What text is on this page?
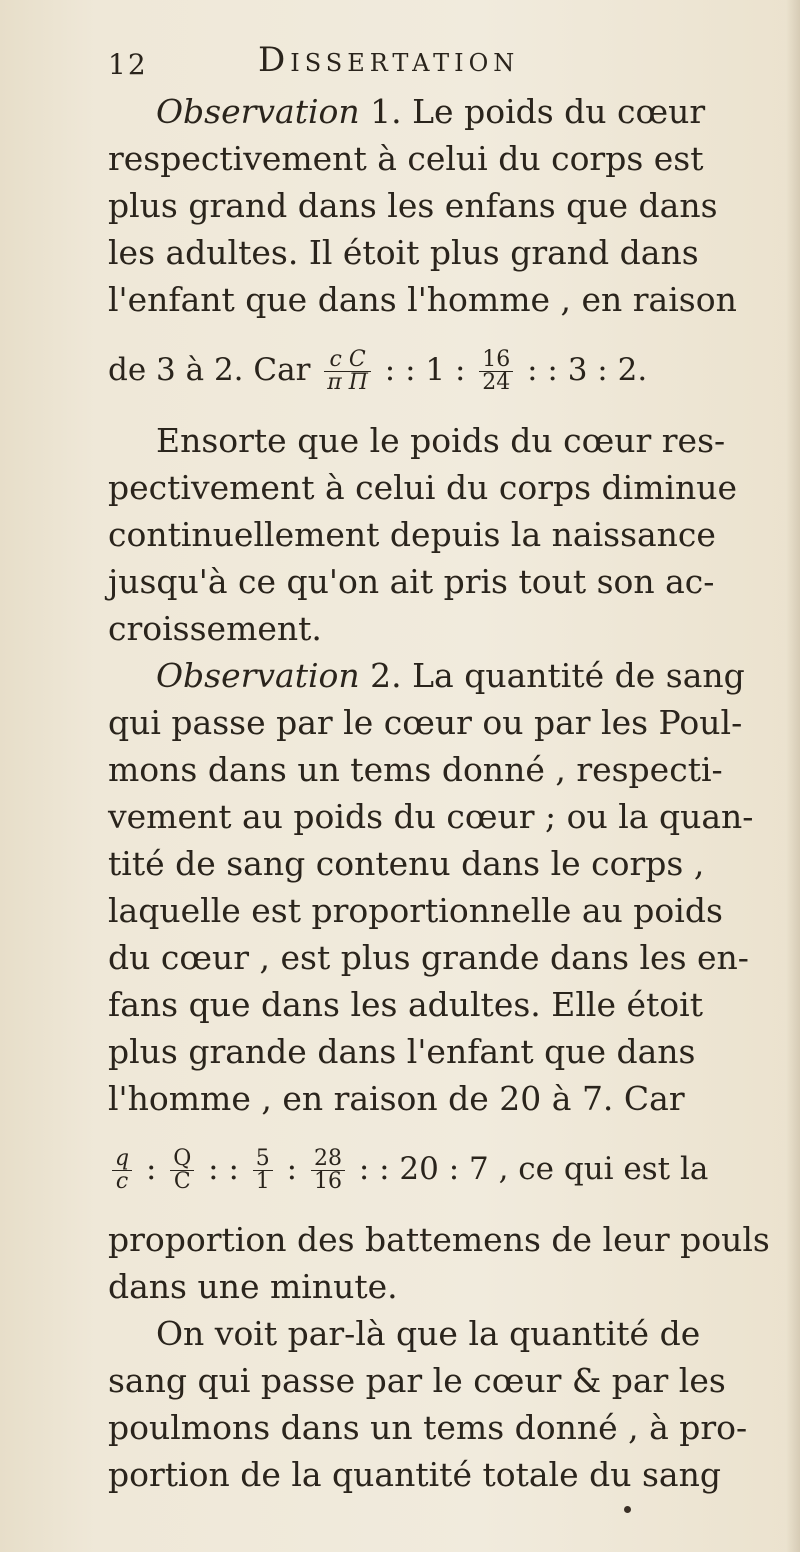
12	Dissertation
Observation 1. Le poids du cœur
respectivement à celui du corps est
plus grand dans les enfans que dans
les adultes. Il étoit plus grand dans
l'enfant que dans l'homme , en raison
de 3 à 2. Car $\frac{\text{c C}}{\text{π Π}}$ : : 1 : $\frac{16}{24}$ : : 3 : 2.
Ensorte que le poids du cœur res-
pectivement à celui du corps diminue
continuellement depuis la naissance
jusqu'à ce qu'on ait pris tout son ac-
croissement.
Observation 2. La quantité de sang
qui passe par le cœur ou par les Poul-
mons dans un tems donné , respecti-
vement au poids du cœur ; ou la quan-
tité de sang contenu dans le corps ,
laquelle est proportionnelle au poids
du cœur , est plus grande dans les en-
fans que dans les adultes. Elle étoit
plus grande dans l'enfant que dans
l'homme , en raison de 20 à 7. Car
$\frac{q}{c}$ : $\frac{Q}{C}$ : : $\frac{5}{1}$ : $\frac{28}{16}$ : : 20 : 7 , ce qui est la
proportion des battemens de leur pouls
dans une minute.
On voit par-là que la quantité de
sang qui passe par le cœur & par les
poulmons dans un tems donné , à pro-
portion de la quantité totale du sang
